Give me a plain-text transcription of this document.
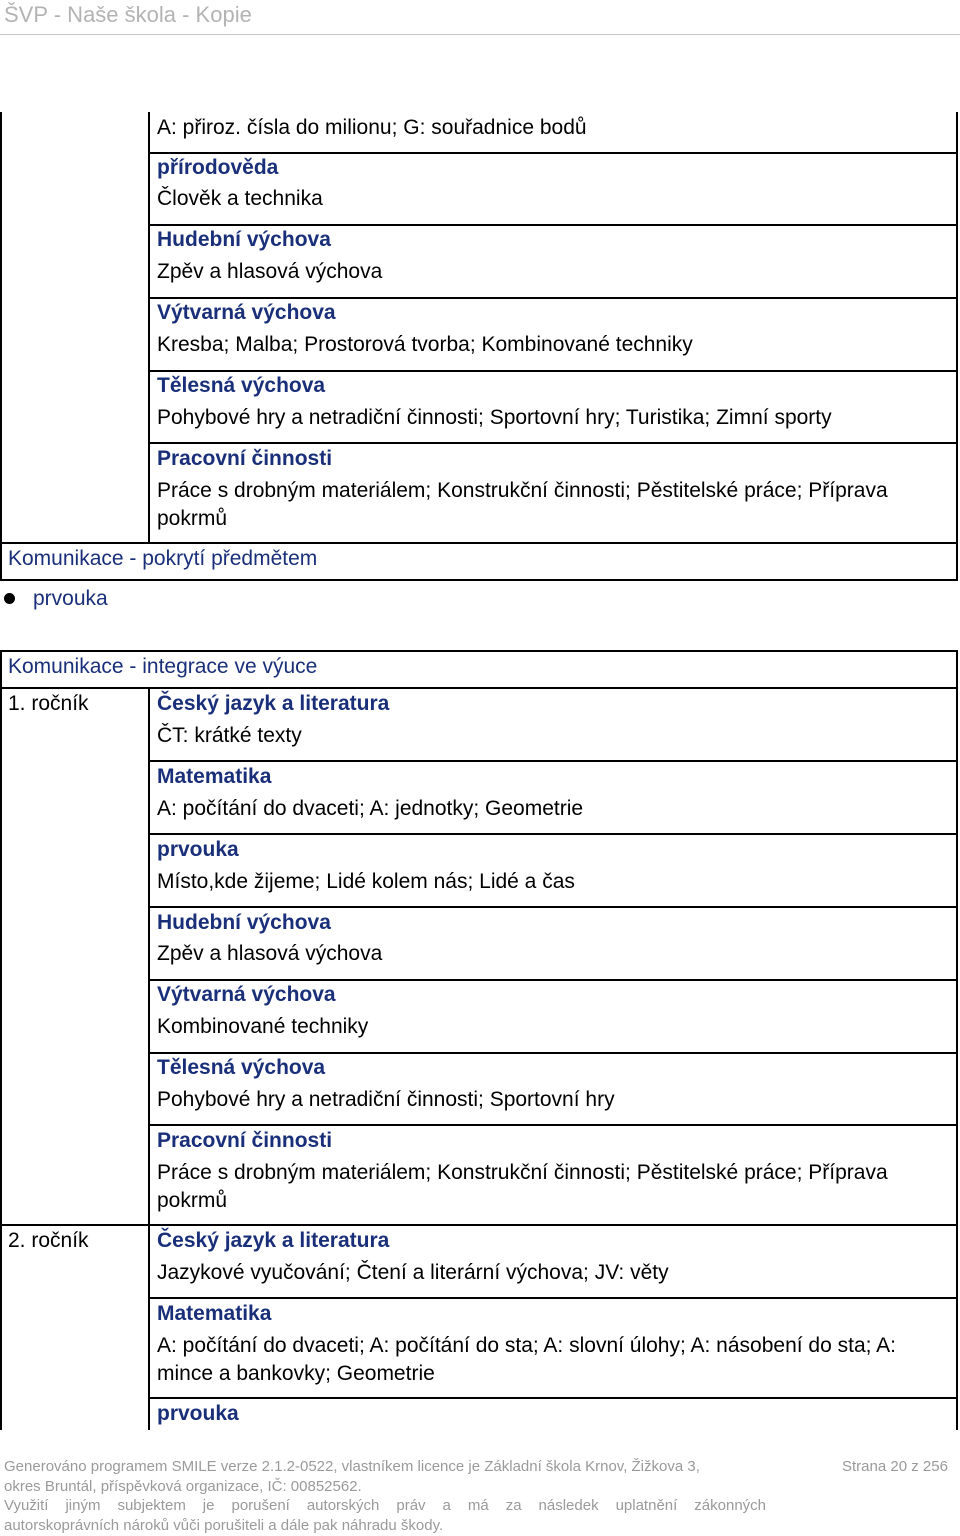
ŠVP - Naše škola - Kopie
A: přiroz. čísla do milionu; G: souřadnice bodů
přírodověda
Člověk a technika
Hudební výchova
Zpěv a hlasová výchova
Výtvarná výchova
Kresba; Malba; Prostorová tvorba; Kombinované techniky
Tělesná výchova
Pohybové hry a netradiční činnosti; Sportovní hry; Turistika; Zimní sporty
Pracovní činnosti
Práce s drobným materiálem; Konstrukční činnosti; Pěstitelské práce; Příprava pokrmů
Komunikace - pokrytí předmětem
prvouka
Komunikace - integrace ve výuce
1. ročník	Český jazyk a literatura
ČT: krátké texty
Matematika
A: počítání do dvaceti; A: jednotky; Geometrie
prvouka
Místo,kde žijeme; Lidé kolem nás; Lidé a čas
Hudební výchova
Zpěv a hlasová výchova
Výtvarná výchova
Kombinované techniky
Tělesná výchova
Pohybové hry a netradiční činnosti; Sportovní hry
Pracovní činnosti
Práce s drobným materiálem; Konstrukční činnosti; Pěstitelské práce; Příprava pokrmů
2. ročník	Český jazyk a literatura
Jazykové vyučování; Čtení a literární výchova; JV: věty
Matematika
A: počítání do dvaceti; A: počítání do sta; A: slovní úlohy; A: násobení do sta; A: mince a bankovky; Geometrie
prvouka
Generováno programem SMILE verze 2.1.2-0522, vlastníkem licence je Základní škola Krnov, Žižkova 3,	Strana 20 z 256
okres Bruntál, příspěvková organizace, IČ: 00852562.
Využití jiným subjektem je porušení autorských práv a má za následek uplatnění zákonných
autorskoprávních nároků vůči porušiteli a dále pak náhradu škody.
